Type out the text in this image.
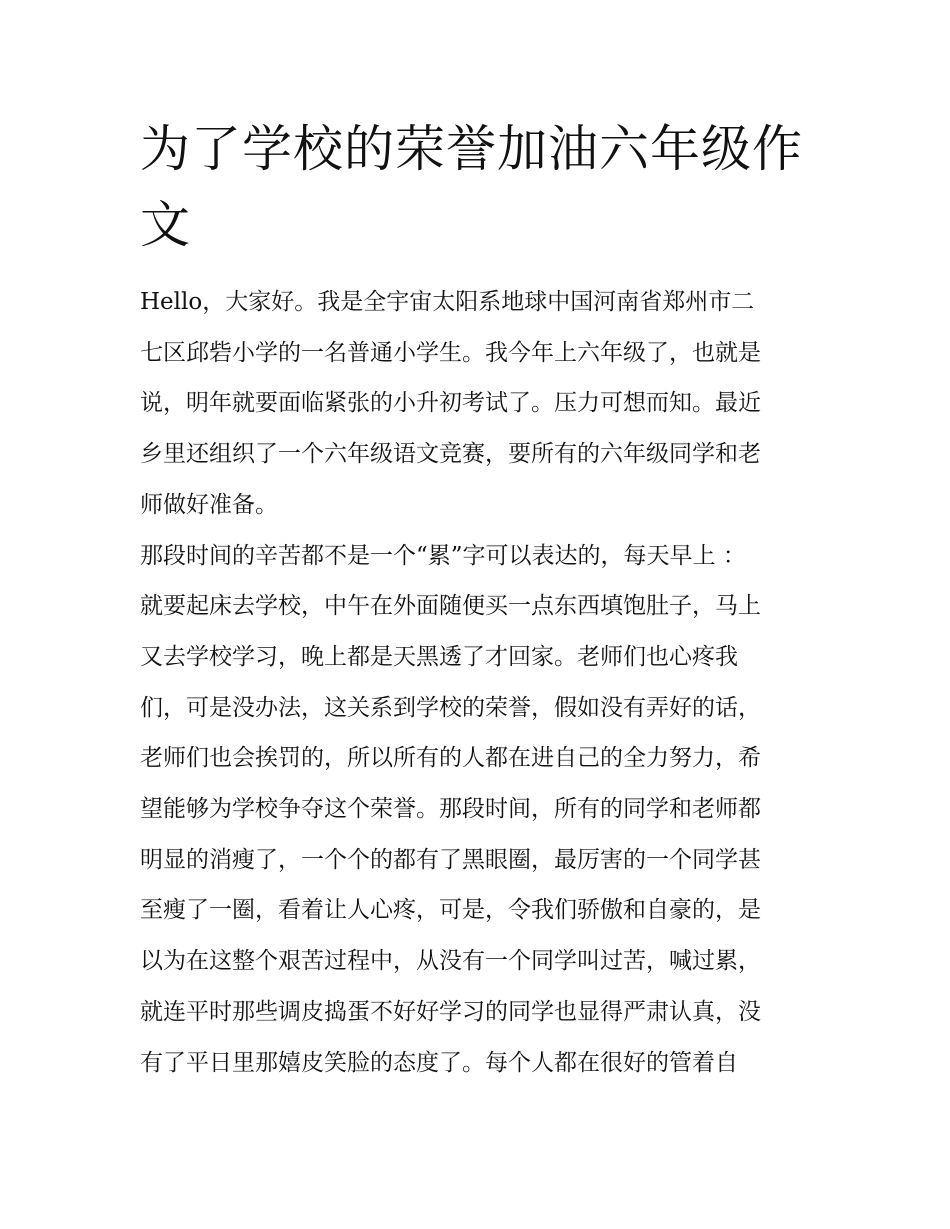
为了学校的荣誉加油六年级作文
Hello，大家好。我是全宇宙太阳系地球中国河南省郑州市二
七区邱砦小学的一名普通小学生。我今年上六年级了，也就是
说，明年就要面临紧张的小升初考试了。压力可想而知。最近
乡里还组织了一个六年级语文竞赛，要所有的六年级同学和老
师做好准备。
那段时间的辛苦都不是一个“累”字可以表达的，每天早上 ：
就要起床去学校，中午在外面随便买一点东西填饱肚子，马上
又去学校学习，晚上都是天黑透了才回家。老师们也心疼我
们，可是没办法，这关系到学校的荣誉，假如没有弄好的话，
老师们也会挨罚的，所以所有的人都在进自己的全力努力，希
望能够为学校争夺这个荣誉。那段时间，所有的同学和老师都
明显的消瘦了，一个个的都有了黑眼圈，最厉害的一个同学甚
至瘦了一圈，看着让人心疼，可是，令我们骄傲和自豪的，是
以为在这整个艰苦过程中，从没有一个同学叫过苦，喊过累，
就连平时那些调皮捣蛋不好好学习的同学也显得严肃认真，没
有了平日里那嬉皮笑脸的态度了。每个人都在很好的管着自
